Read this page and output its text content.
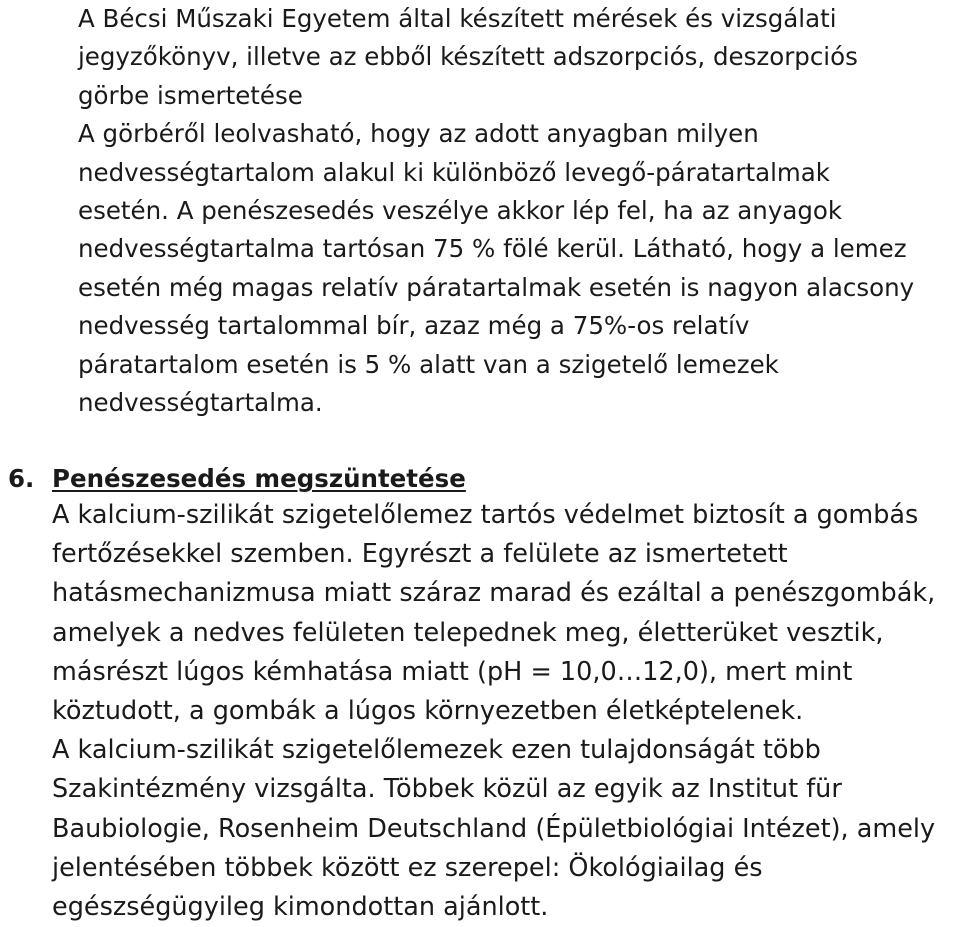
A Bécsi Műszaki Egyetem által készített mérések és vizsgálati
jegyzőkönyv, illetve az ebből készített adszorpciós, deszorpciós
görbe ismertetése
A görbéről leolvasható, hogy az adott anyagban milyen
nedvességtartalom alakul ki különböző levegő-páratartalmak
esetén. A penészesedés veszélye akkor lép fel, ha az anyagok
nedvességtartalma tartósan 75 % fölé kerül. Látható, hogy a lemez
esetén még magas relatív páratartalmak esetén is nagyon alacsony
nedvesség tartalommal bír, azaz még a 75%-os relatív
páratartalom esetén is 5 % alatt van a szigetelő lemezek
nedvességtartalma.
6. Penészesedés megszüntetése
A kalcium-szilikát szigetelőlemez tartós védelmet biztosít a gombás
fertőzésekkel szemben. Egyrészt a felülete az ismertetett
hatásmechanizmusa miatt száraz marad és ezáltal a penészgombák,
amelyek a nedves felületen telepednek meg, életterüket vesztik,
másrészt lúgos kémhatása miatt (pH = 10,0…12,0), mert mint
köztudott, a gombák a lúgos környezetben életképtelenek.
A kalcium-szilikát szigetelőlemezek ezen tulajdonságát több
Szakintézmény vizsgálta. Többek közül az egyik az Institut für
Baubiologie, Rosenheim Deutschland (Épületbiológiai Intézet), amely
jelentésében többek között ez szerepel: Ökológiailag és
egészségügyileg kimondottan ajánlott.
